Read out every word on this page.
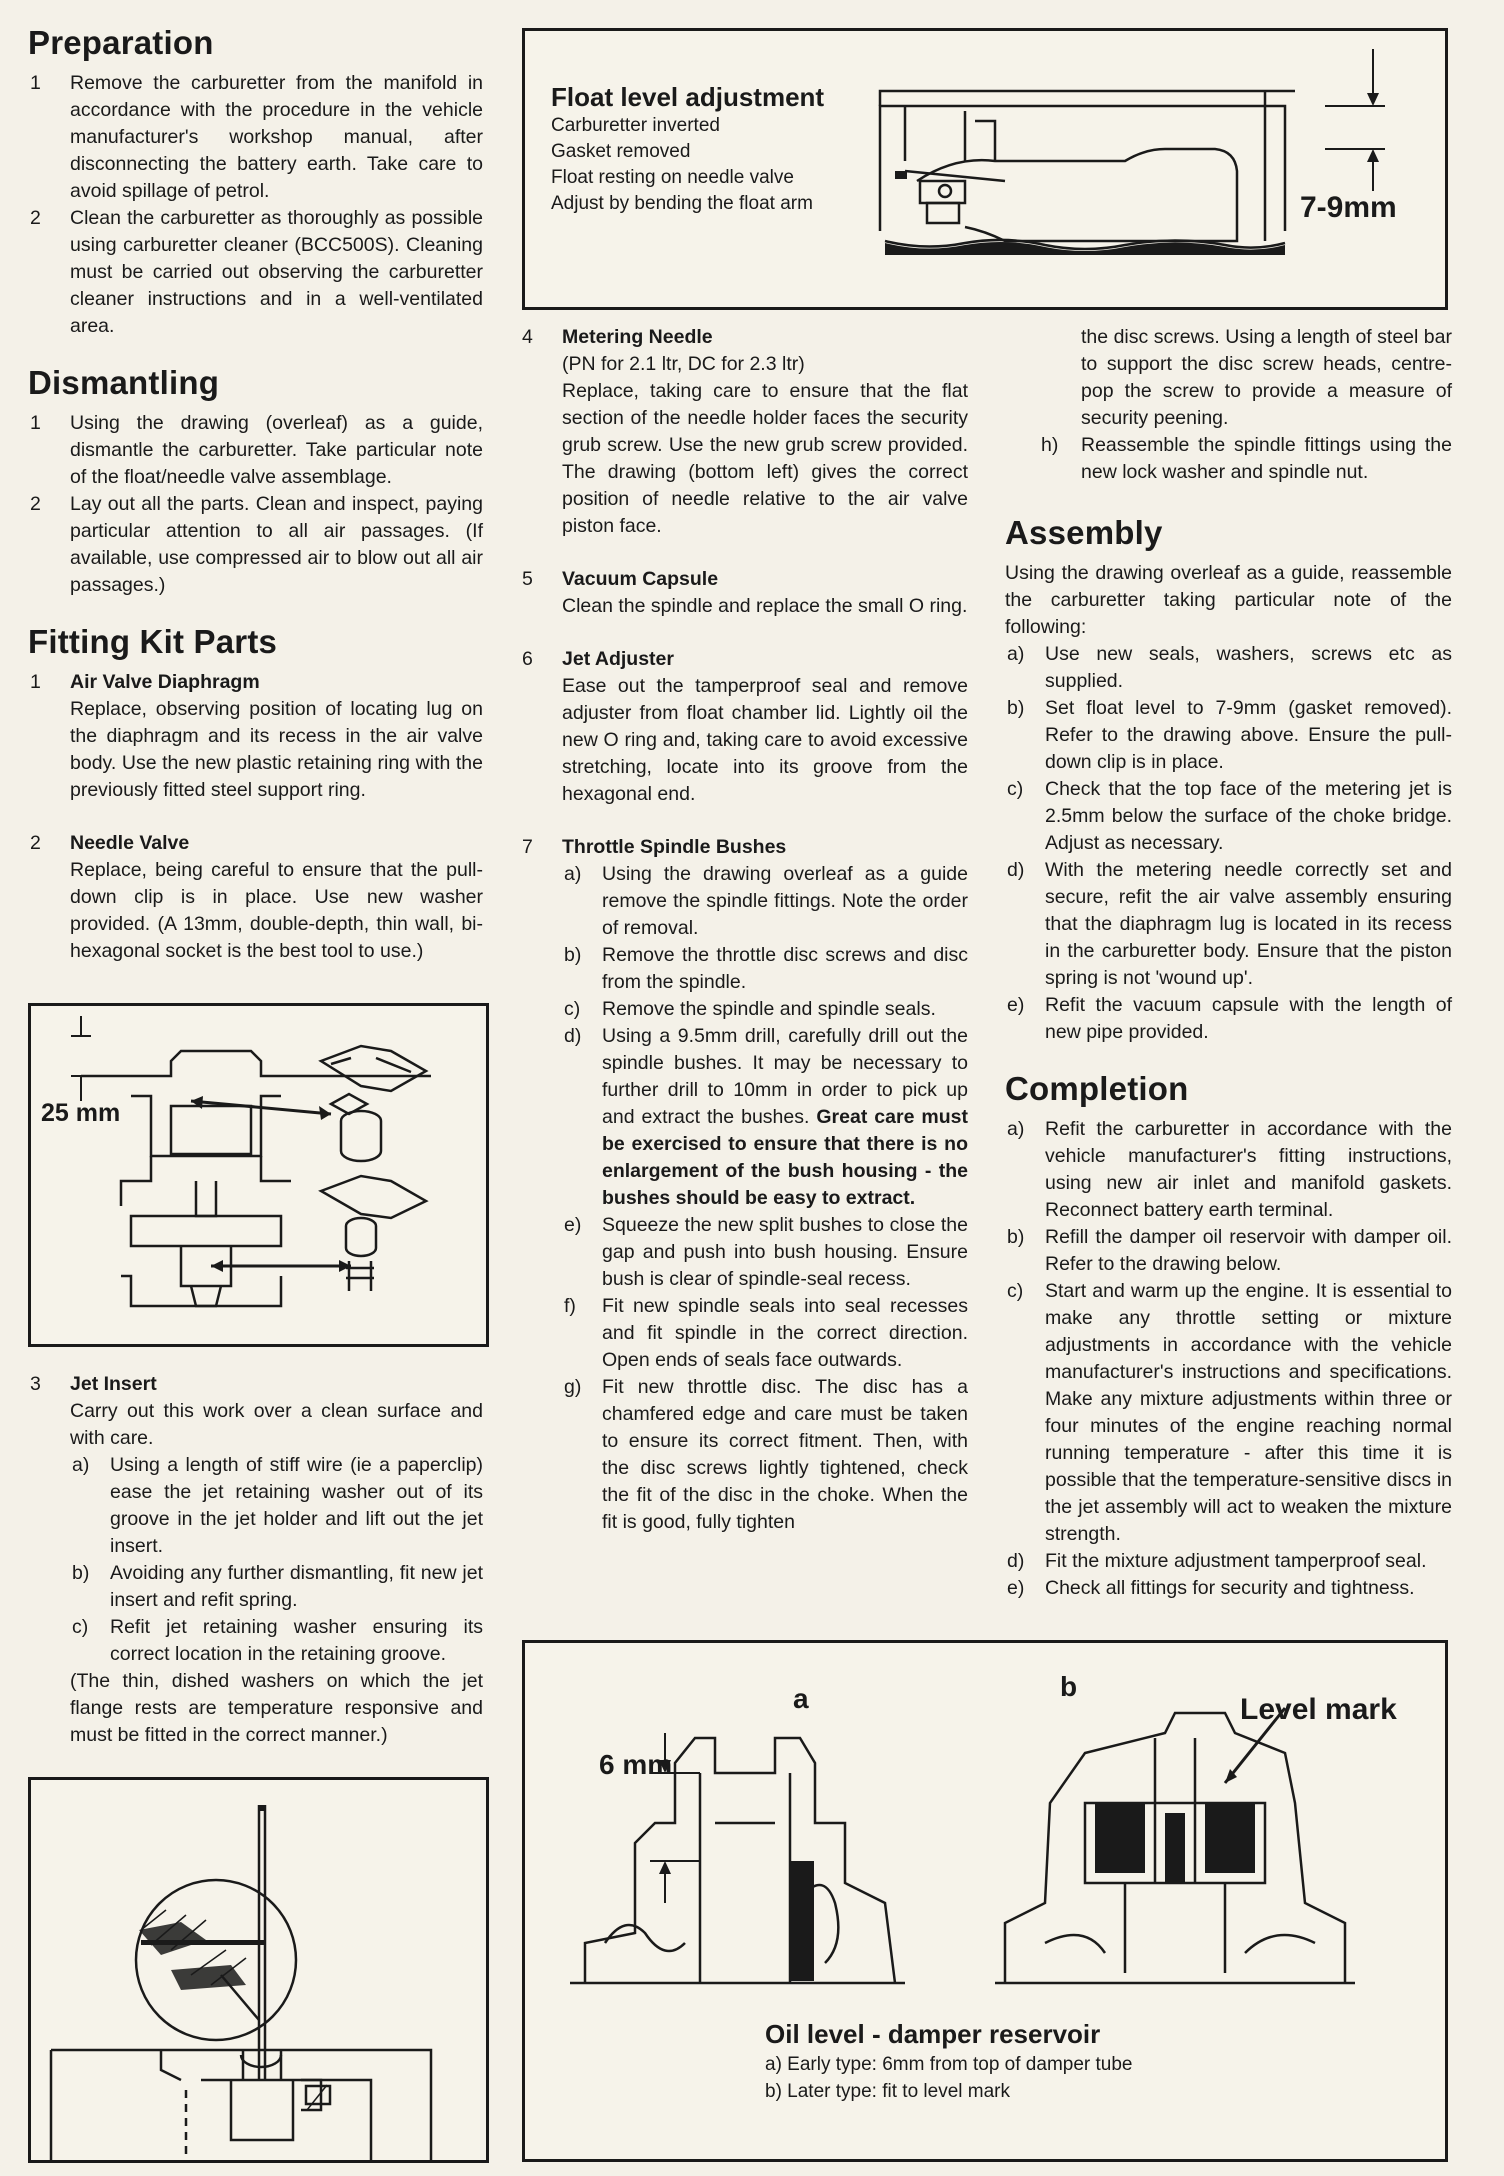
Preparation
1 Remove the carburetter from the manifold in accordance with the procedure in the vehicle manufacturer's workshop manual, after disconnecting the battery earth. Take care to avoid spillage of petrol.
2 Clean the carburetter as thoroughly as possible using carburetter cleaner (BCC500S). Cleaning must be carried out observing the carburetter cleaner instructions and in a well-ventilated area.
Dismantling
1 Using the drawing (overleaf) as a guide, dismantle the carburetter. Take particular note of the float/needle valve assemblage.
2 Lay out all the parts. Clean and inspect, paying particular attention to all air passages. (If available, use compressed air to blow out all air passages.)
Fitting Kit Parts
1 Air Valve Diaphragm
Replace, observing position of locating lug on the diaphragm and its recess in the air valve body. Use the new plastic retaining ring with the previously fitted steel support ring.
2 Needle Valve
Replace, being careful to ensure that the pull-down clip is in place. Use new washer provided. (A 13mm, double-depth, thin wall, bi-hexagonal socket is the best tool to use.)
25 mm
3 Jet Insert
Carry out this work over a clean surface and with care.
a) Using a length of stiff wire (ie a paperclip) ease the jet retaining washer out of its groove in the jet holder and lift out the jet insert.
b) Avoiding any further dismantling, fit new jet insert and refit spring.
c) Refit jet retaining washer ensuring its correct location in the retaining groove.
(The thin, dished washers on which the jet flange rests are temperature responsive and must be fitted in the correct manner.)
Float level adjustment
Carburetter inverted
Gasket removed
Float resting on needle valve
Adjust by bending the float arm	7-9mm
4 Metering Needle
(PN for 2.1 ltr, DC for 2.3 ltr)
Replace, taking care to ensure that the flat section of the needle holder faces the security grub screw. Use the new grub screw provided. The drawing (bottom left) gives the correct position of needle relative to the air valve piston face.
5 Vacuum Capsule
Clean the spindle and replace the small O ring.
6 Jet Adjuster
Ease out the tamperproof seal and remove adjuster from float chamber lid. Lightly oil the new O ring and, taking care to avoid excessive stretching, locate into its groove from the hexagonal end.
7 Throttle Spindle Bushes
a) Using the drawing overleaf as a guide remove the spindle fittings. Note the order of removal.
b) Remove the throttle disc screws and disc from the spindle.
c) Remove the spindle and spindle seals.
d) Using a 9.5mm drill, carefully drill out the spindle bushes. It may be necessary to further drill to 10mm in order to pick up and extract the bushes. Great care must be exercised to ensure that there is no enlargement of the bush housing - the bushes should be easy to extract.
e) Squeeze the new split bushes to close the gap and push into bush housing. Ensure bush is clear of spindle-seal recess.
f) Fit new spindle seals into seal recesses and fit spindle in the correct direction. Open ends of seals face outwards.
g) Fit new throttle disc. The disc has a chamfered edge and care must be taken to ensure its correct fitment. Then, with the disc screws lightly tightened, check the fit of the disc in the choke. When the fit is good, fully tighten
the disc screws. Using a length of steel bar to support the disc screw heads, centre-pop the screw to provide a measure of security peening.
h) Reassemble the spindle fittings using the new lock washer and spindle nut.
Assembly
Using the drawing overleaf as a guide, reassemble the carburetter taking particular note of the following:
a) Use new seals, washers, screws etc as supplied.
b) Set float level to 7-9mm (gasket removed). Refer to the drawing above. Ensure the pull-down clip is in place.
c) Check that the top face of the metering jet is 2.5mm below the surface of the choke bridge. Adjust as necessary.
d) With the metering needle correctly set and secure, refit the air valve assembly ensuring that the diaphragm lug is located in its recess in the carburetter body. Ensure that the piston spring is not 'wound up'.
e) Refit the vacuum capsule with the length of new pipe provided.
Completion
a) Refit the carburetter in accordance with the vehicle manufacturer's fitting instructions, using new air inlet and manifold gaskets. Reconnect battery earth terminal.
b) Refill the damper oil reservoir with damper oil. Refer to the drawing below.
c) Start and warm up the engine. It is essential to make any throttle setting or mixture adjustments in accordance with the vehicle manufacturer's instructions and specifications. Make any mixture adjustments within three or four minutes of the engine reaching normal running temperature - after this time it is possible that the temperature-sensitive discs in the jet assembly will act to weaken the mixture strength.
d) Fit the mixture adjustment tamperproof seal.
e) Check all fittings for security and tightness.
a	b
6 mm
Level mark
Oil level - damper reservoir
a) Early type: 6mm from top of damper tube
b) Later type: fit to level mark
